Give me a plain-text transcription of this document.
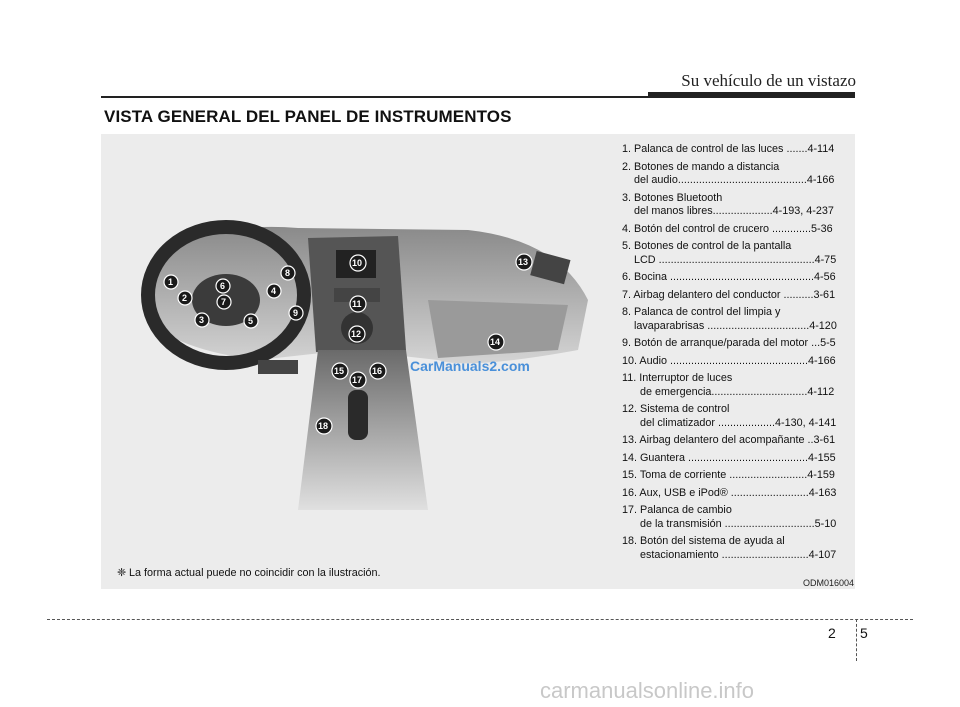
Su vehículo de un vistazo
VISTA GENERAL DEL PANEL DE INSTRUMENTOS
1
2
3
4
5
6
7
8
9
10
11
12
13
14
15	16
17
18
CarManuals2.com
1. Palanca de control de las luces .......4-114
2. Botones de mando a distancia
del audio...........................................4-166
3. Botones Bluetooth
del manos libres....................4-193, 4-237
4. Botón del control de crucero .............5-36
5. Botones de control de la pantalla
LCD ....................................................4-75
6. Bocina ................................................4-56
7. Airbag delantero del conductor ..........3-61
8. Palanca de control del limpia y
lavaparabrisas ..................................4-120
9. Botón de arranque/parada del motor ...5-5
10. Audio ..............................................4-166
11. Interruptor de luces
de emergencia................................4-112
12. Sistema de control
del climatizador ...................4-130, 4-141
13. Airbag delantero del acompañante ..3-61
14. Guantera ........................................4-155
15. Toma de corriente ..........................4-159
16. Aux, USB e iPod® ..........................4-163
17. Palanca de cambio
de la transmisión ..............................5-10
18. Botón del sistema de ayuda al
estacionamiento .............................4-107
❈ La forma actual puede no coincidir con la ilustración.
ODM016004
2 5
carmanualsonline.info
